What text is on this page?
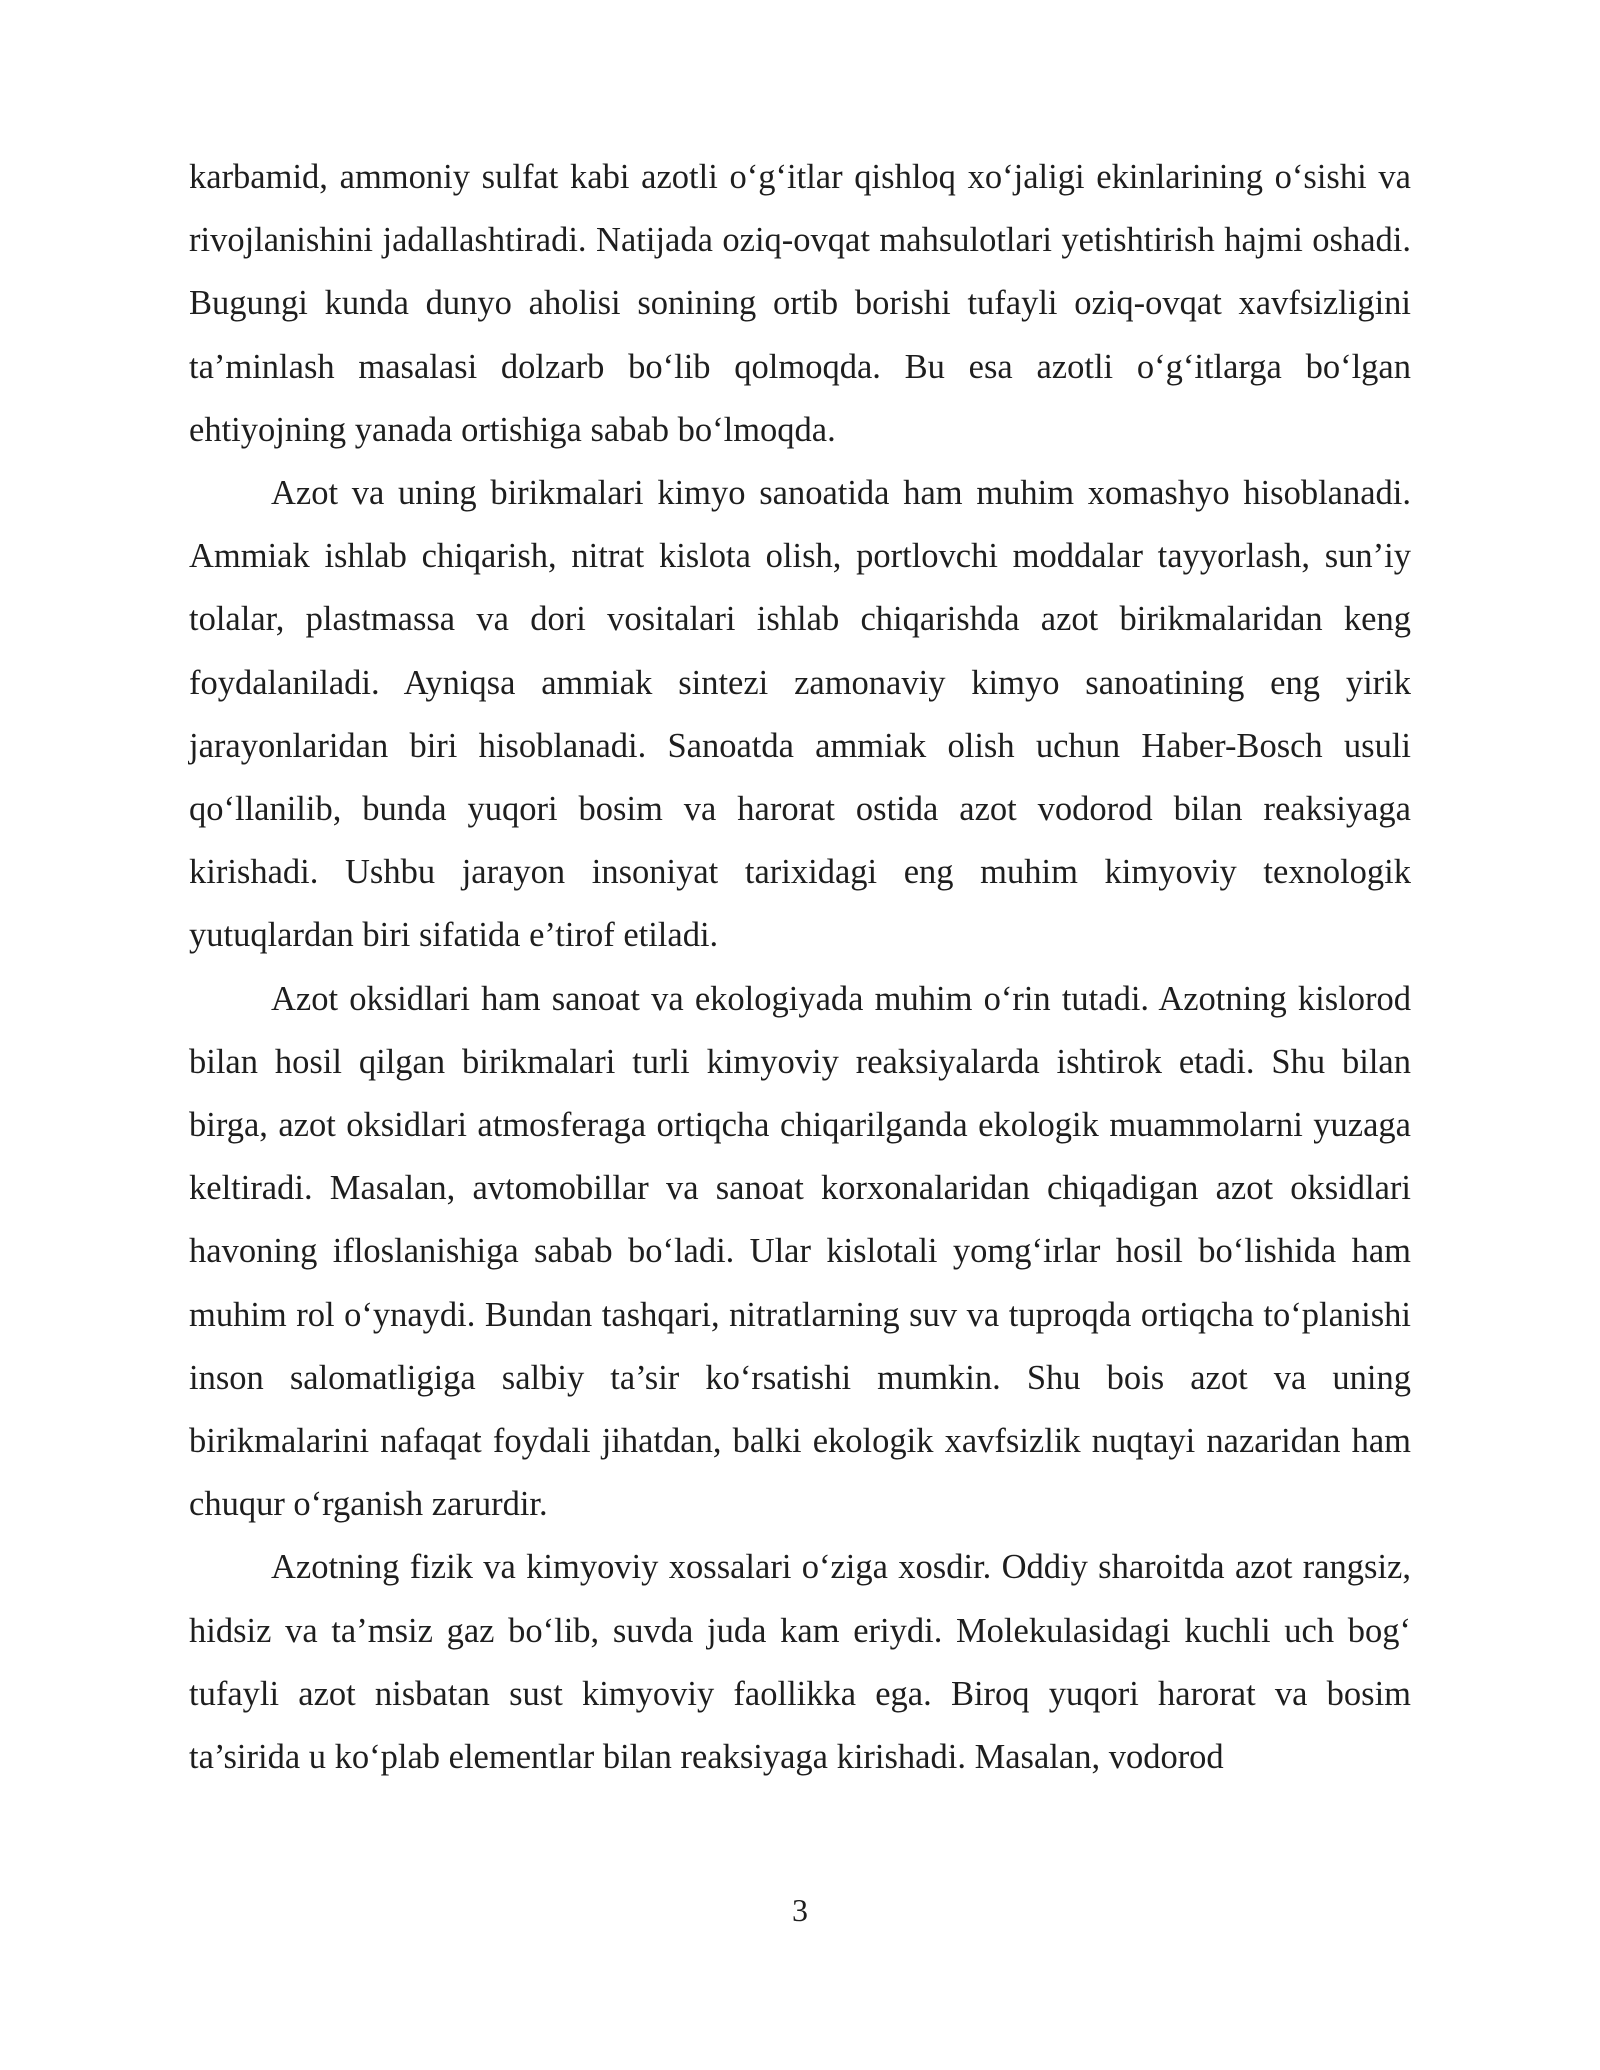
karbamid, ammoniy sulfat kabi azotli o‘g‘itlar qishloq xo‘jaligi ekinlarining o‘sishi va rivojlanishini jadallashtiradi. Natijada oziq-ovqat mahsulotlari yetishtirish hajmi oshadi. Bugungi kunda dunyo aholisi sonining ortib borishi tufayli oziq-ovqat xavfsizligini ta’minlash masalasi dolzarb bo‘lib qolmoqda. Bu esa azotli o‘g‘itlarga bo‘lgan ehtiyojning yanada ortishiga sabab bo‘lmoqda.

Azot va uning birikmalari kimyo sanoatida ham muhim xomashyo hisoblanadi. Ammiak ishlab chiqarish, nitrat kislota olish, portlovchi moddalar tayyorlash, sun’iy tolalar, plastmassa va dori vositalari ishlab chiqarishda azot birikmalaridan keng foydalaniladi. Ayniqsa ammiak sintezi zamonaviy kimyo sanoatining eng yirik jarayonlaridan biri hisoblanadi. Sanoatda ammiak olish uchun Haber-Bosch usuli qo‘llanilib, bunda yuqori bosim va harorat ostida azot vodorod bilan reaksiyaga kirishadi. Ushbu jarayon insoniyat tarixidagi eng muhim kimyoviy texnologik yutuqlardan biri sifatida e’tirof etiladi.

Azot oksidlari ham sanoat va ekologiyada muhim o‘rin tutadi. Azotning kislorod bilan hosil qilgan birikmalari turli kimyoviy reaksiyalarda ishtirok etadi. Shu bilan birga, azot oksidlari atmosferaga ortiqcha chiqarilganda ekologik muammolarni yuzaga keltiradi. Masalan, avtomobillar va sanoat korxonalaridan chiqadigan azot oksidlari havoning ifloslanishiga sabab bo‘ladi. Ular kislotali yomg‘irlar hosil bo‘lishida ham muhim rol o‘ynaydi. Bundan tashqari, nitratlarning suv va tuproqda ortiqcha to‘planishi inson salomatligiga salbiy ta’sir ko‘rsatishi mumkin. Shu bois azot va uning birikmalarini nafaqat foydali jihatdan, balki ekologik xavfsizlik nuqtayi nazaridan ham chuqur o‘rganish zarurdir.

Azotning fizik va kimyoviy xossalari o‘ziga xosdir. Oddiy sharoitda azot rangsiz, hidsiz va ta’msiz gaz bo‘lib, suvda juda kam eriydi. Molekulasidagi kuchli uch bog‘ tufayli azot nisbatan sust kimyoviy faollikka ega. Biroq yuqori harorat va bosim ta’sirida u ko‘plab elementlar bilan reaksiyaga kirishadi. Masalan, vodorod

3
